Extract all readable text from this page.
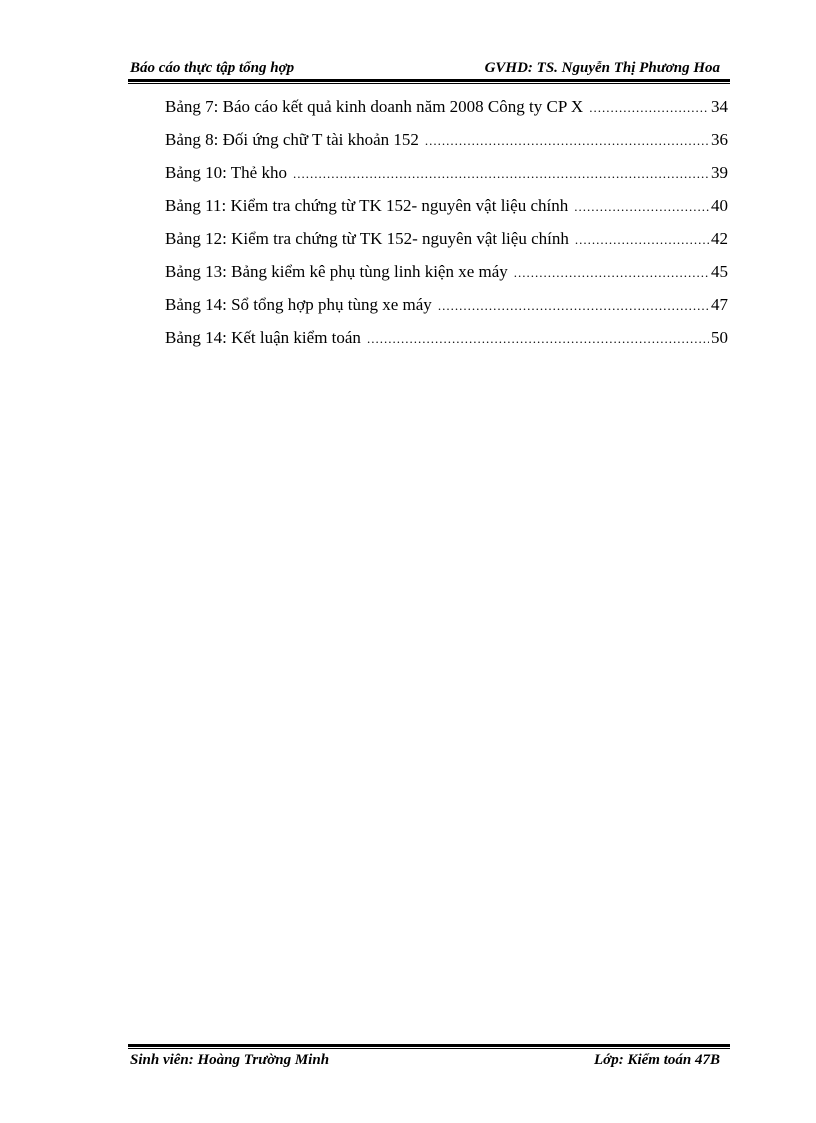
Báo cáo thực tập tổng hợp	GVHD: TS. Nguyễn Thị Phương Hoa
Bảng 7: Báo cáo kết quả kinh doanh năm 2008 Công ty CP X .....	34
Bảng 8: Đối ứng chữ T tài khoản 152 .....	36
Bảng 10: Thẻ kho .....	39
Bảng 11: Kiểm tra chứng từ TK 152- nguyên vật liệu chính .....	40
Bảng 12: Kiểm tra chứng từ TK 152- nguyên vật liệu chính .....	42
Bảng 13: Bảng kiểm kê phụ tùng linh kiện xe máy .....	45
Bảng 14: Sổ tổng hợp phụ tùng xe máy .....	47
Bảng 14: Kết luận kiểm toán .....	50
Sinh viên: Hoàng Trường Minh	Lớp: Kiểm toán 47B
